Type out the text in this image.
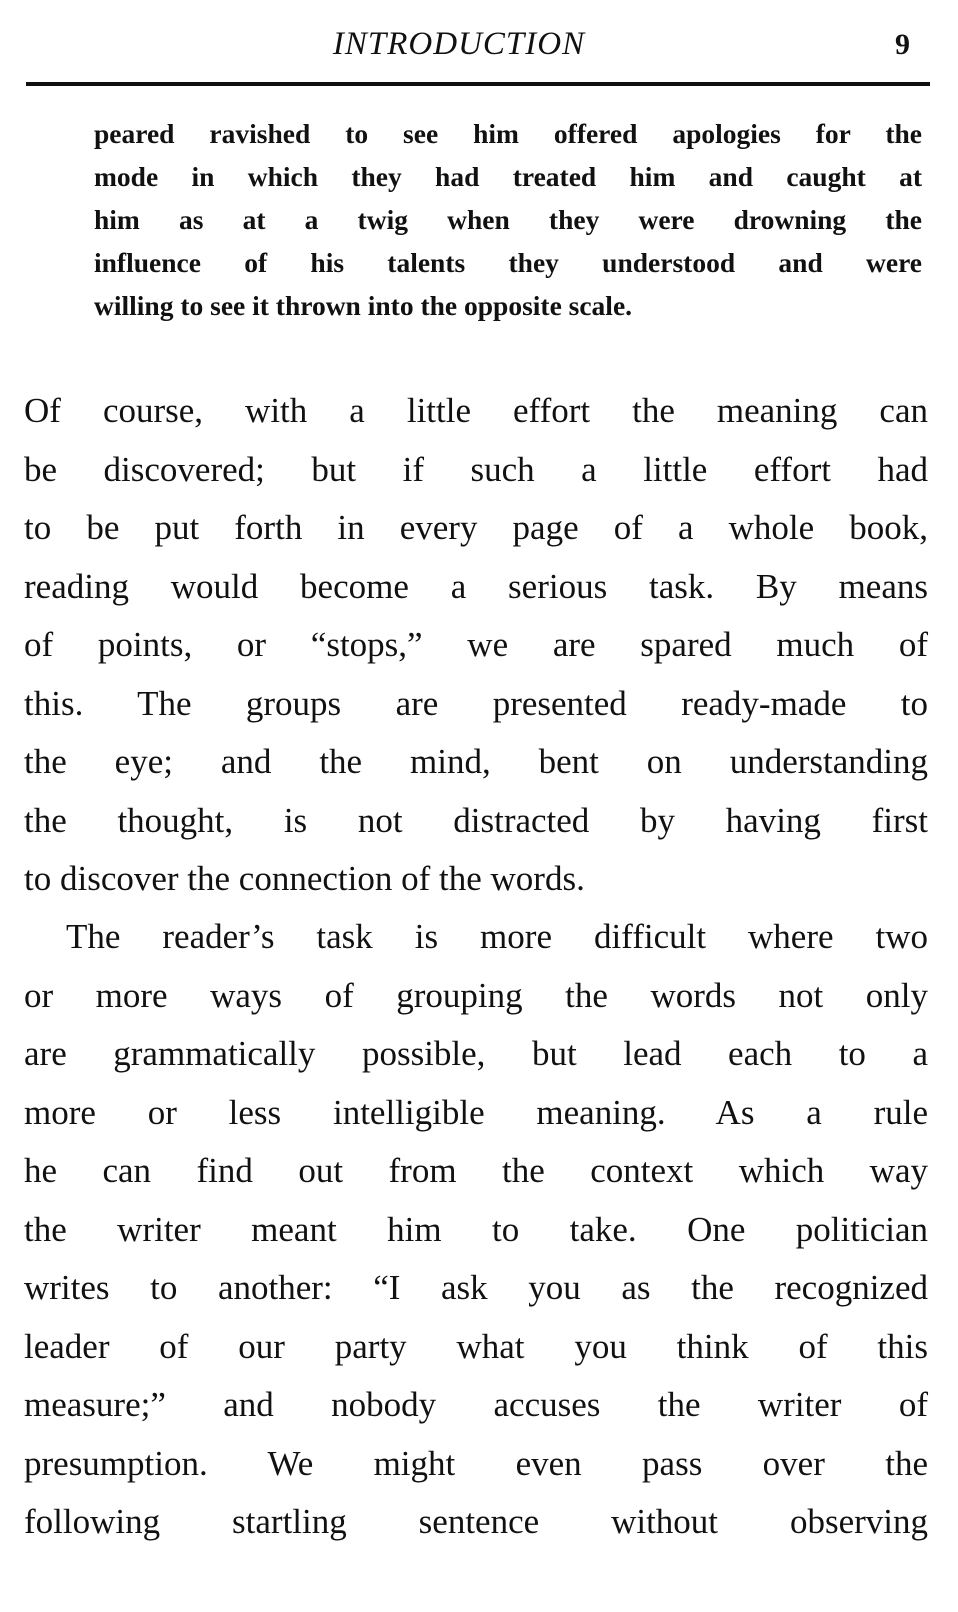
INTRODUCTION	9
peared ravished to see him offered apologies for the
mode in which they had treated him and caught at
him as at a twig when they were drowning the
influence of his talents they understood and were
willing to see it thrown into the opposite scale.
Of course, with a little effort the meaning can
be discovered; but if such a little effort had
to be put forth in every page of a whole book,
reading would become a serious task. By means
of points, or “stops,” we are spared much of
this. The groups are presented ready-made to
the eye; and the mind, bent on understanding
the thought, is not distracted by having first
to discover the connection of the words.
The reader’s task is more difficult where two
or more ways of grouping the words not only
are grammatically possible, but lead each to a
more or less intelligible meaning. As a rule
he can find out from the context which way
the writer meant him to take. One politician
writes to another: “I ask you as the recognized
leader of our party what you think of this
measure;” and nobody accuses the writer of
presumption. We might even pass over the
following startling sentence without observing
